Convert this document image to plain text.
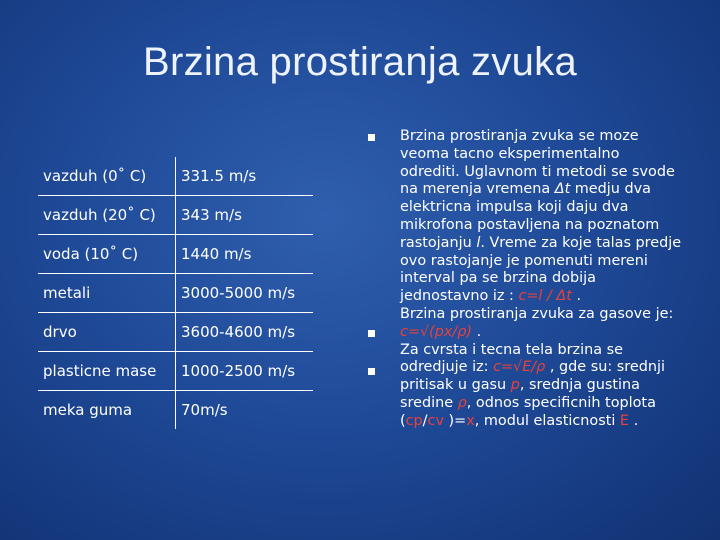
Brzina prostiranja zvuka
vazduh (0˚ C)	331.5 m/s
vazduh (20˚ C)	343 m/s
voda (10˚ C)	1440 m/s
metali	3000-5000 m/s
drvo	3600-4600 m/s
plasticne mase	1000-2500 m/s
meka guma	70m/s

Brzina prostiranja zvuka se moze veoma tacno eksperimentalno odrediti. Uglavnom ti metodi se svode na merenja vremena Δt medju dva elektricna impulsa koji daju dva mikrofona postavljena na poznatom rastojanju l. Vreme za koje talas predje ovo rastojanje je pomenuti mereni interval pa se brzina dobija jednostavno iz : c=l / Δt .

Brzina prostiranja zvuka za gasove je: c=√(px/ρ) .

Za cvrsta i tecna tela brzina se odredjuje iz: c=√E/ρ , gde su: srednji pritisak u gasu p, srednja gustina sredine ρ, odnos specificnih toplota (cp/cv )=x, modul elasticnosti E .
